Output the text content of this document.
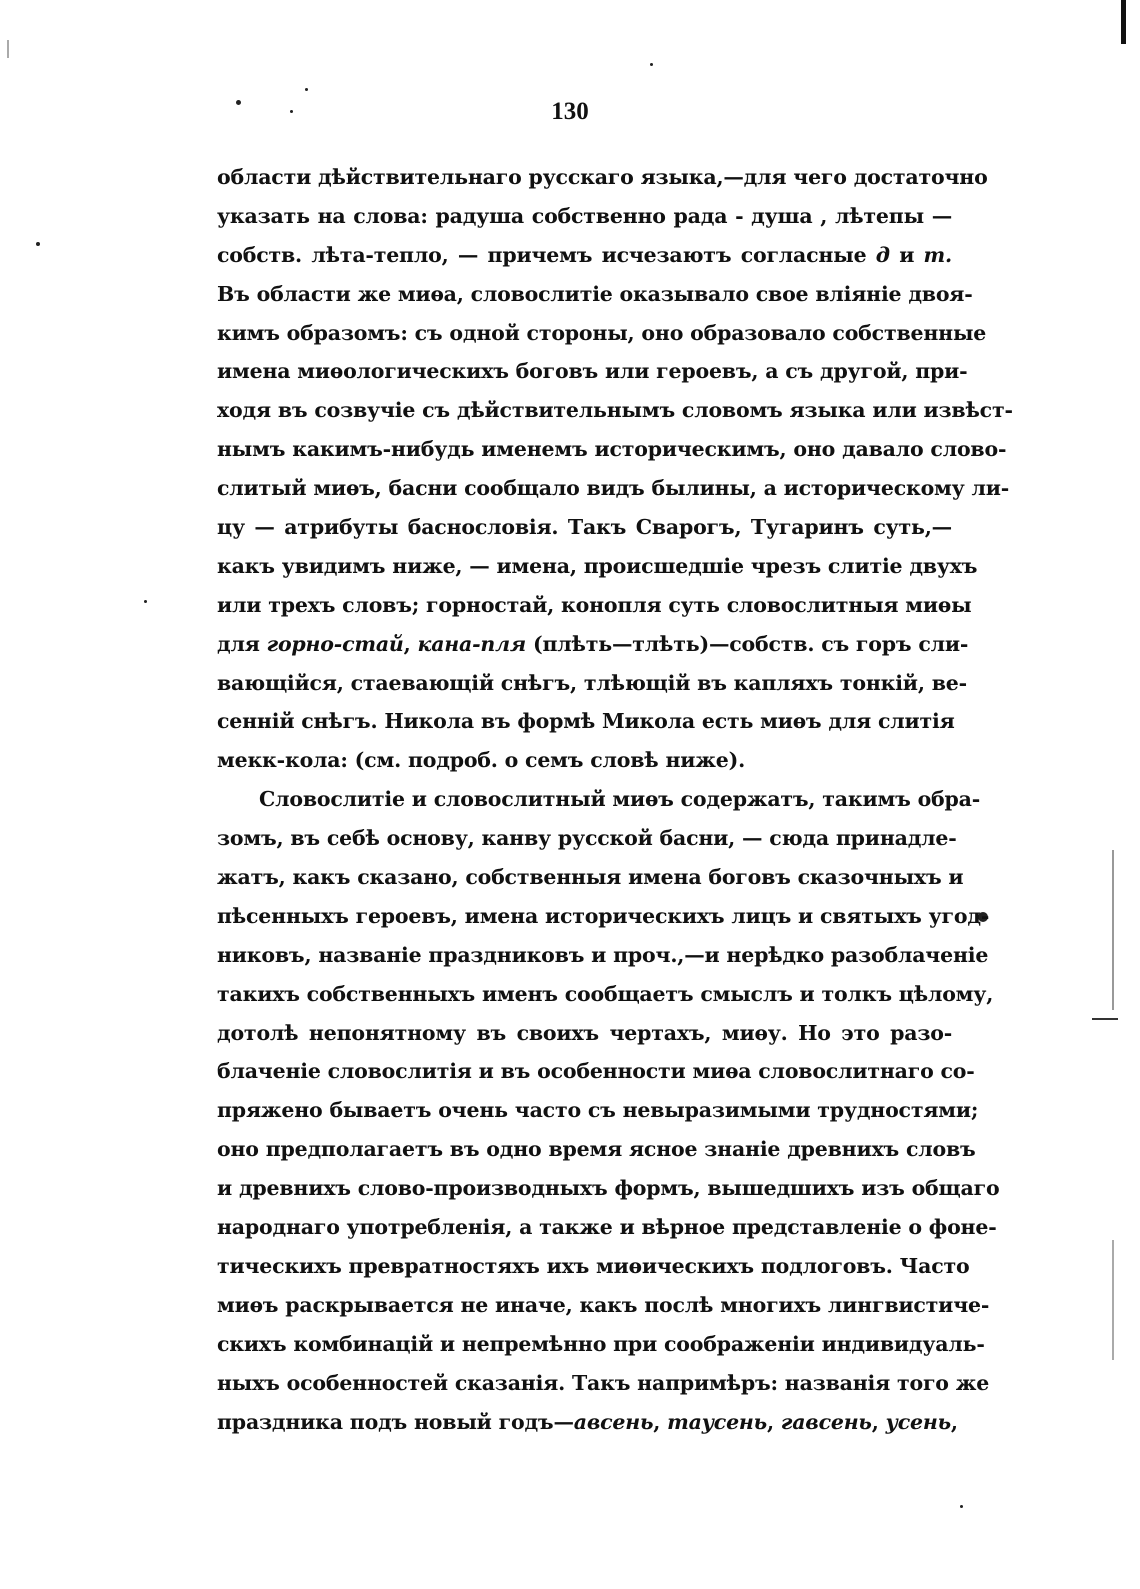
130
области дѣйствительнаго русскаго языка,—для чего достаточно
указать на слова: радуша собственно рада - душа , лѣтепы —
собств. лѣта-тепло, — причемъ исчезаютъ согласные д и т.
Въ области же миѳа, словослитіе оказывало свое вліяніе двоя-
кимъ образомъ: съ одной стороны, оно образовало собственные
имена миѳологическихъ боговъ или героевъ, а съ другой, при-
ходя въ созвучіе съ дѣйствительнымъ словомъ языка или извѣст-
нымъ какимъ-нибудь именемъ историческимъ, оно давало слово-
слитый миѳъ, басни сообщало видъ былины, а историческому ли-
цу — атрибуты баснословія. Такъ Сварогъ, Тугаринъ суть,—
какъ увидимъ ниже, — имена, происшедшіе чрезъ слитіе двухъ
или трехъ словъ; горностай, конопля суть словослитныя миѳы
для горно-стай, кана-пля (плѣть—тлѣть)—собств. съ горъ сли-
вающійся, стаевающій снѣгъ, тлѣющій въ капляхъ тонкій, ве-
сенній снѣгъ. Никола въ формѣ Микола есть миѳъ для слитія
мекк-кола: (см. подроб. о семъ словѣ ниже).
Словослитіе и словослитный миѳъ содержатъ, такимъ обра-
зомъ, въ себѣ основу, канву русской басни, — сюда принадле-
жатъ, какъ сказано, собственныя имена боговъ сказочныхъ и
пѣсенныхъ героевъ, имена историческихъ лицъ и святыхъ угод-
никовъ, названіе праздниковъ и проч.,—и нерѣдко разоблаченіе
такихъ собственныхъ именъ сообщаетъ смыслъ и толкъ цѣлому,
дотолѣ непонятному въ своихъ чертахъ, миѳу. Но это разо-
блаченіе словослитія и въ особенности миѳа словослитнаго со-
пряжено бываетъ очень часто съ невыразимыми трудностями;
оно предполагаетъ въ одно время ясное знаніе древнихъ словъ
и древнихъ слово-производныхъ формъ, вышедшихъ изъ общаго
народнаго употребленія, а также и вѣрное представленіе о фоне-
тическихъ превратностяхъ ихъ миѳическихъ подлоговъ. Часто
миѳъ раскрывается не иначе, какъ послѣ многихъ лингвистиче-
скихъ комбинацій и непремѣнно при соображеніи индивидуаль-
ныхъ особенностей сказанія. Такъ напримѣръ: названія того же
праздника подъ новый годъ—авсень, таусень, гавсень, усень,
